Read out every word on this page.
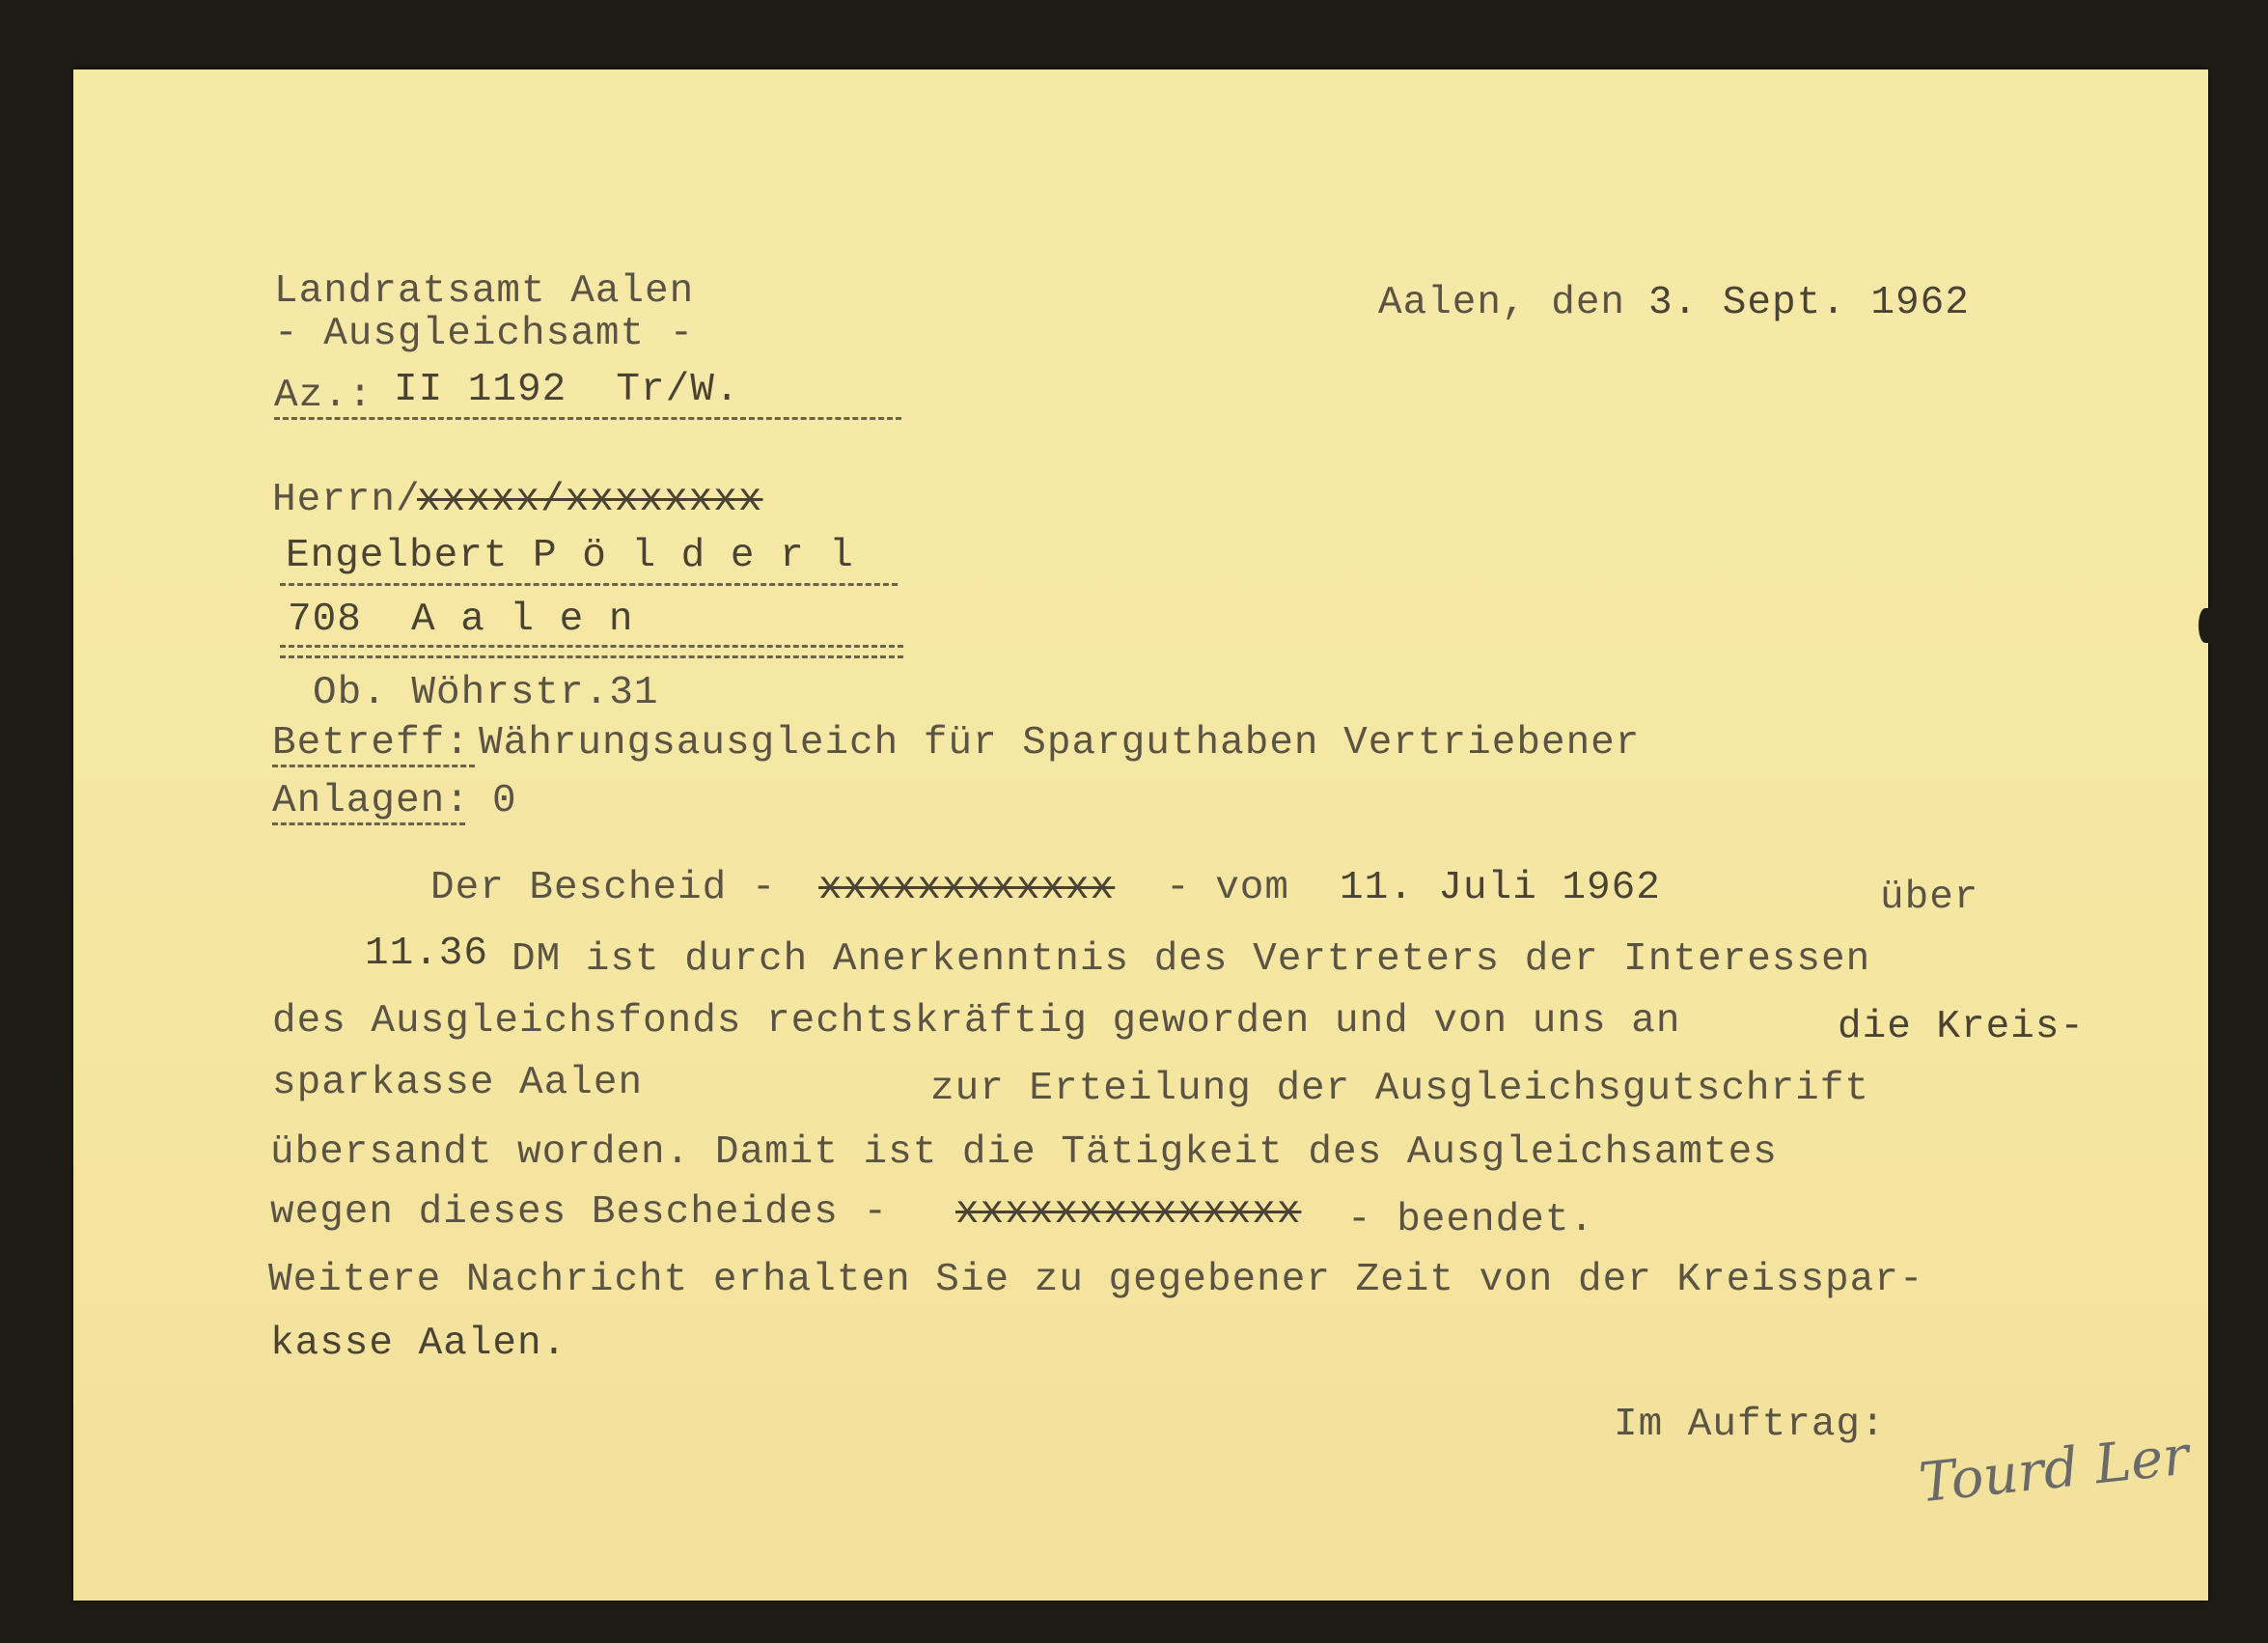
Landratsamt Aalen
- Ausgleichsamt -
Az.: II 1192  Tr/W.
Aalen, den 3. Sept. 1962
Herrn/
xxxxx/xxxxxxxx
Engelbert P ö l d e r l
708  A a l e n
Ob. Wöhrstr.31
Betreff: Währungsausgleich für Sparguthaben Vertriebener
Anlagen: 0
Der Bescheid - xxxxxxxxxxxx - vom 11. Juli 1962	über
11.36 DM ist durch Anerkenntnis des Vertreters der Interessen
des Ausgleichsfonds rechtskräftig geworden und von uns an	die Kreis-
sparkasse Aalen	zur Erteilung der Ausgleichsgutschrift
übersandt worden. Damit ist die Tätigkeit des Ausgleichsamtes
wegen dieses Bescheides - xxxxxxxxxxxxxx - beendet.
Weitere Nachricht erhalten Sie zu gegebener Zeit von der Kreisspar-
kasse Aalen.
Im Auftrag: Tourd Ler
